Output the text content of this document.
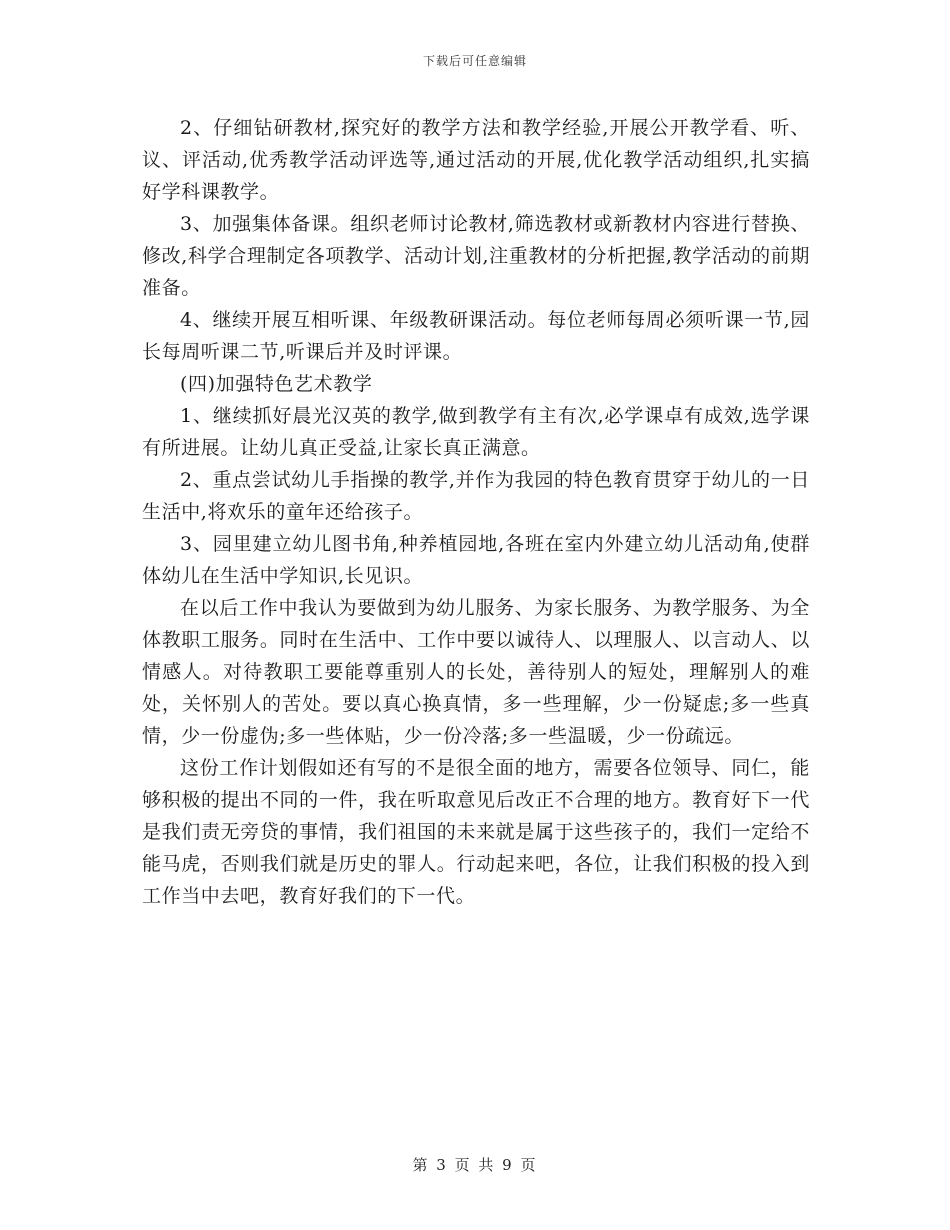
下载后可任意编辑

2、仔细钻研教材,探究好的教学方法和教学经验,开展公开教学看、听、议、评活动,优秀教学活动评选等,通过活动的开展,优化教学活动组织,扎实搞好学科课教学。

3、加强集体备课。组织老师讨论教材,筛选教材或新教材内容进行替换、修改,科学合理制定各项教学、活动计划,注重教材的分析把握,教学活动的前期准备。

4、继续开展互相听课、年级教研课活动。每位老师每周必须听课一节,园长每周听课二节,听课后并及时评课。

(四)加强特色艺术教学

1、继续抓好晨光汉英的教学,做到教学有主有次,必学课卓有成效,选学课有所进展。让幼儿真正受益,让家长真正满意。

2、重点尝试幼儿手指操的教学,并作为我园的特色教育贯穿于幼儿的一日生活中,将欢乐的童年还给孩子。

3、园里建立幼儿图书角,种养植园地,各班在室内外建立幼儿活动角,使群体幼儿在生活中学知识,长见识。

在以后工作中我认为要做到为幼儿服务、为家长服务、为教学服务、为全体教职工服务。同时在生活中、工作中要以诚待人、以理服人、以言动人、以情感人。对待教职工要能尊重别人的长处，善待别人的短处，理解别人的难处，关怀别人的苦处。要以真心换真情，多一些理解，少一份疑虑;多一些真情，少一份虚伪;多一些体贴，少一份冷落;多一些温暖，少一份疏远。

这份工作计划假如还有写的不是很全面的地方，需要各位领导、同仁，能够积极的提出不同的一件，我在听取意见后改正不合理的地方。教育好下一代是我们责无旁贷的事情，我们祖国的未来就是属于这些孩子的，我们一定给不能马虎，否则我们就是历史的罪人。行动起来吧，各位，让我们积极的投入到工作当中去吧，教育好我们的下一代。

第 3 页 共 9 页
